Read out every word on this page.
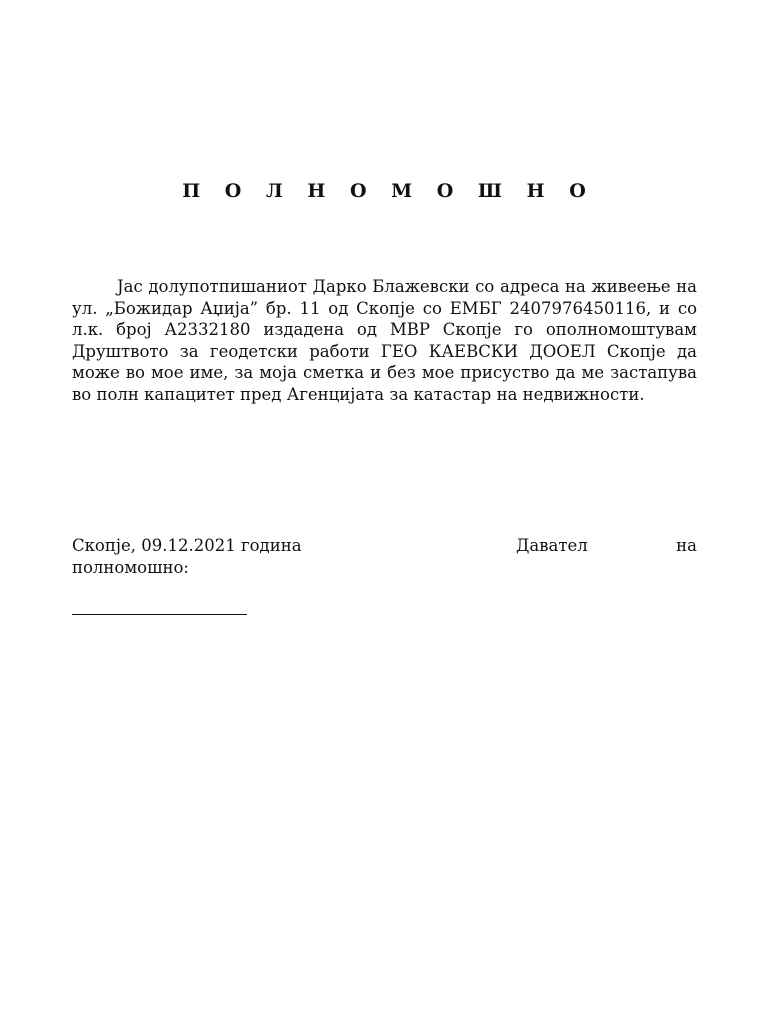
П О Л Н О М О Ш Н О

Јас долупотпишаниот Дарко Блажевски со адреса на живеење на ул. „Божидар Аџија” бр. 11 од Скопје со ЕМБГ 2407976450116, и со л.к. број А2332180 издадена од МВР Скопје го ополномоштувам Друштвото за геодетски работи ГЕО КАЕВСКИ ДООЕЛ Скопје да може во мое име, за моја сметка и без мое присуство да ме застапува во полн капацитет пред Агенцијата за катастар на недвижности.

Скопје, 09.12.2021 година	Давател	на
полномошно:
